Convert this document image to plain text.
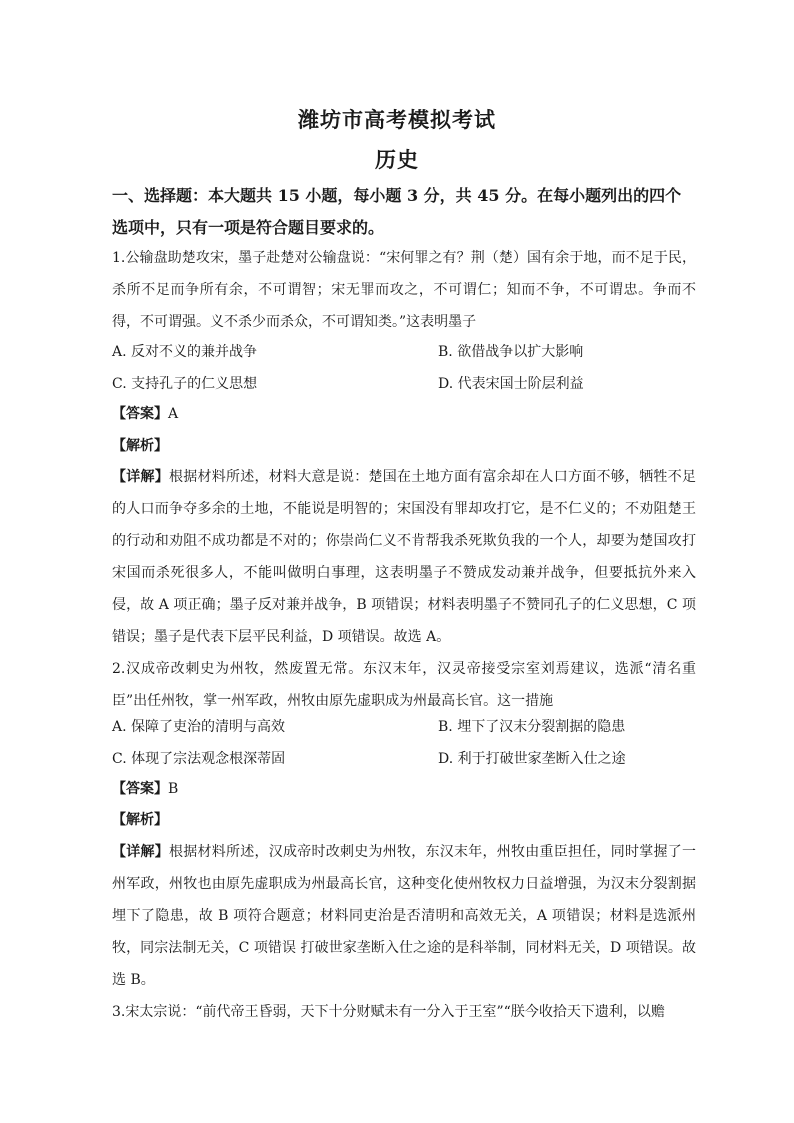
潍坊市高考模拟考试
历史
一、选择题：本大题共 15 小题，每小题 3 分，共 45 分。在每小题列出的四个选项中，只有一项是符合题目要求的。
1.公输盘助楚攻宋，墨子赴楚对公输盘说：“宋何罪之有？荆（楚）国有余于地，而不足于民，杀所不足而争所有余，不可谓智；宋无罪而攻之，不可谓仁；知而不争，不可谓忠。争而不得，不可谓强。义不杀少而杀众，不可谓知类。”这表明墨子
A. 反对不义的兼并战争	B. 欲借战争以扩大影响
C. 支持孔子的仁义思想	D. 代表宋国士阶层利益
【答案】A
【解析】
【详解】根据材料所述，材料大意是说：楚国在土地方面有富余却在人口方面不够，牺牲不足的人口而争夺多余的土地，不能说是明智的；宋国没有罪却攻打它，是不仁义的；不劝阻楚王的行动和劝阻不成功都是不对的；你崇尚仁义不肯帮我杀死欺负我的一个人，却要为楚国攻打宋国而杀死很多人，不能叫做明白事理，这表明墨子不赞成发动兼并战争，但要抵抗外来入侵，故 A 项正确；墨子反对兼并战争，B 项错误；材料表明墨子不赞同孔子的仁义思想，C 项错误；墨子是代表下层平民利益，D 项错误。故选 A。
2.汉成帝改刺史为州牧，然废置无常。东汉末年，汉灵帝接受宗室刘焉建议，选派“清名重臣”出任州牧，掌一州军政，州牧由原先虚职成为州最高长官。这一措施
A. 保障了吏治的清明与高效	B. 埋下了汉末分裂割据的隐患
C. 体现了宗法观念根深蒂固	D. 利于打破世家垄断入仕之途
【答案】B
【解析】
【详解】根据材料所述，汉成帝时改刺史为州牧，东汉末年，州牧由重臣担任，同时掌握了一州军政，州牧也由原先虚职成为州最高长官，这种变化使州牧权力日益增强，为汉末分裂割据埋下了隐患，故 B 项符合题意；材料同吏治是否清明和高效无关，A 项错误；材料是选派州牧，同宗法制无关，C 项错误 打破世家垄断入仕之途的是科举制，同材料无关，D 项错误。故选 B。
3.宋太宗说：“前代帝王昏弱，天下十分财赋未有一分入于王室”“朕今收拾天下遗利，以赡
